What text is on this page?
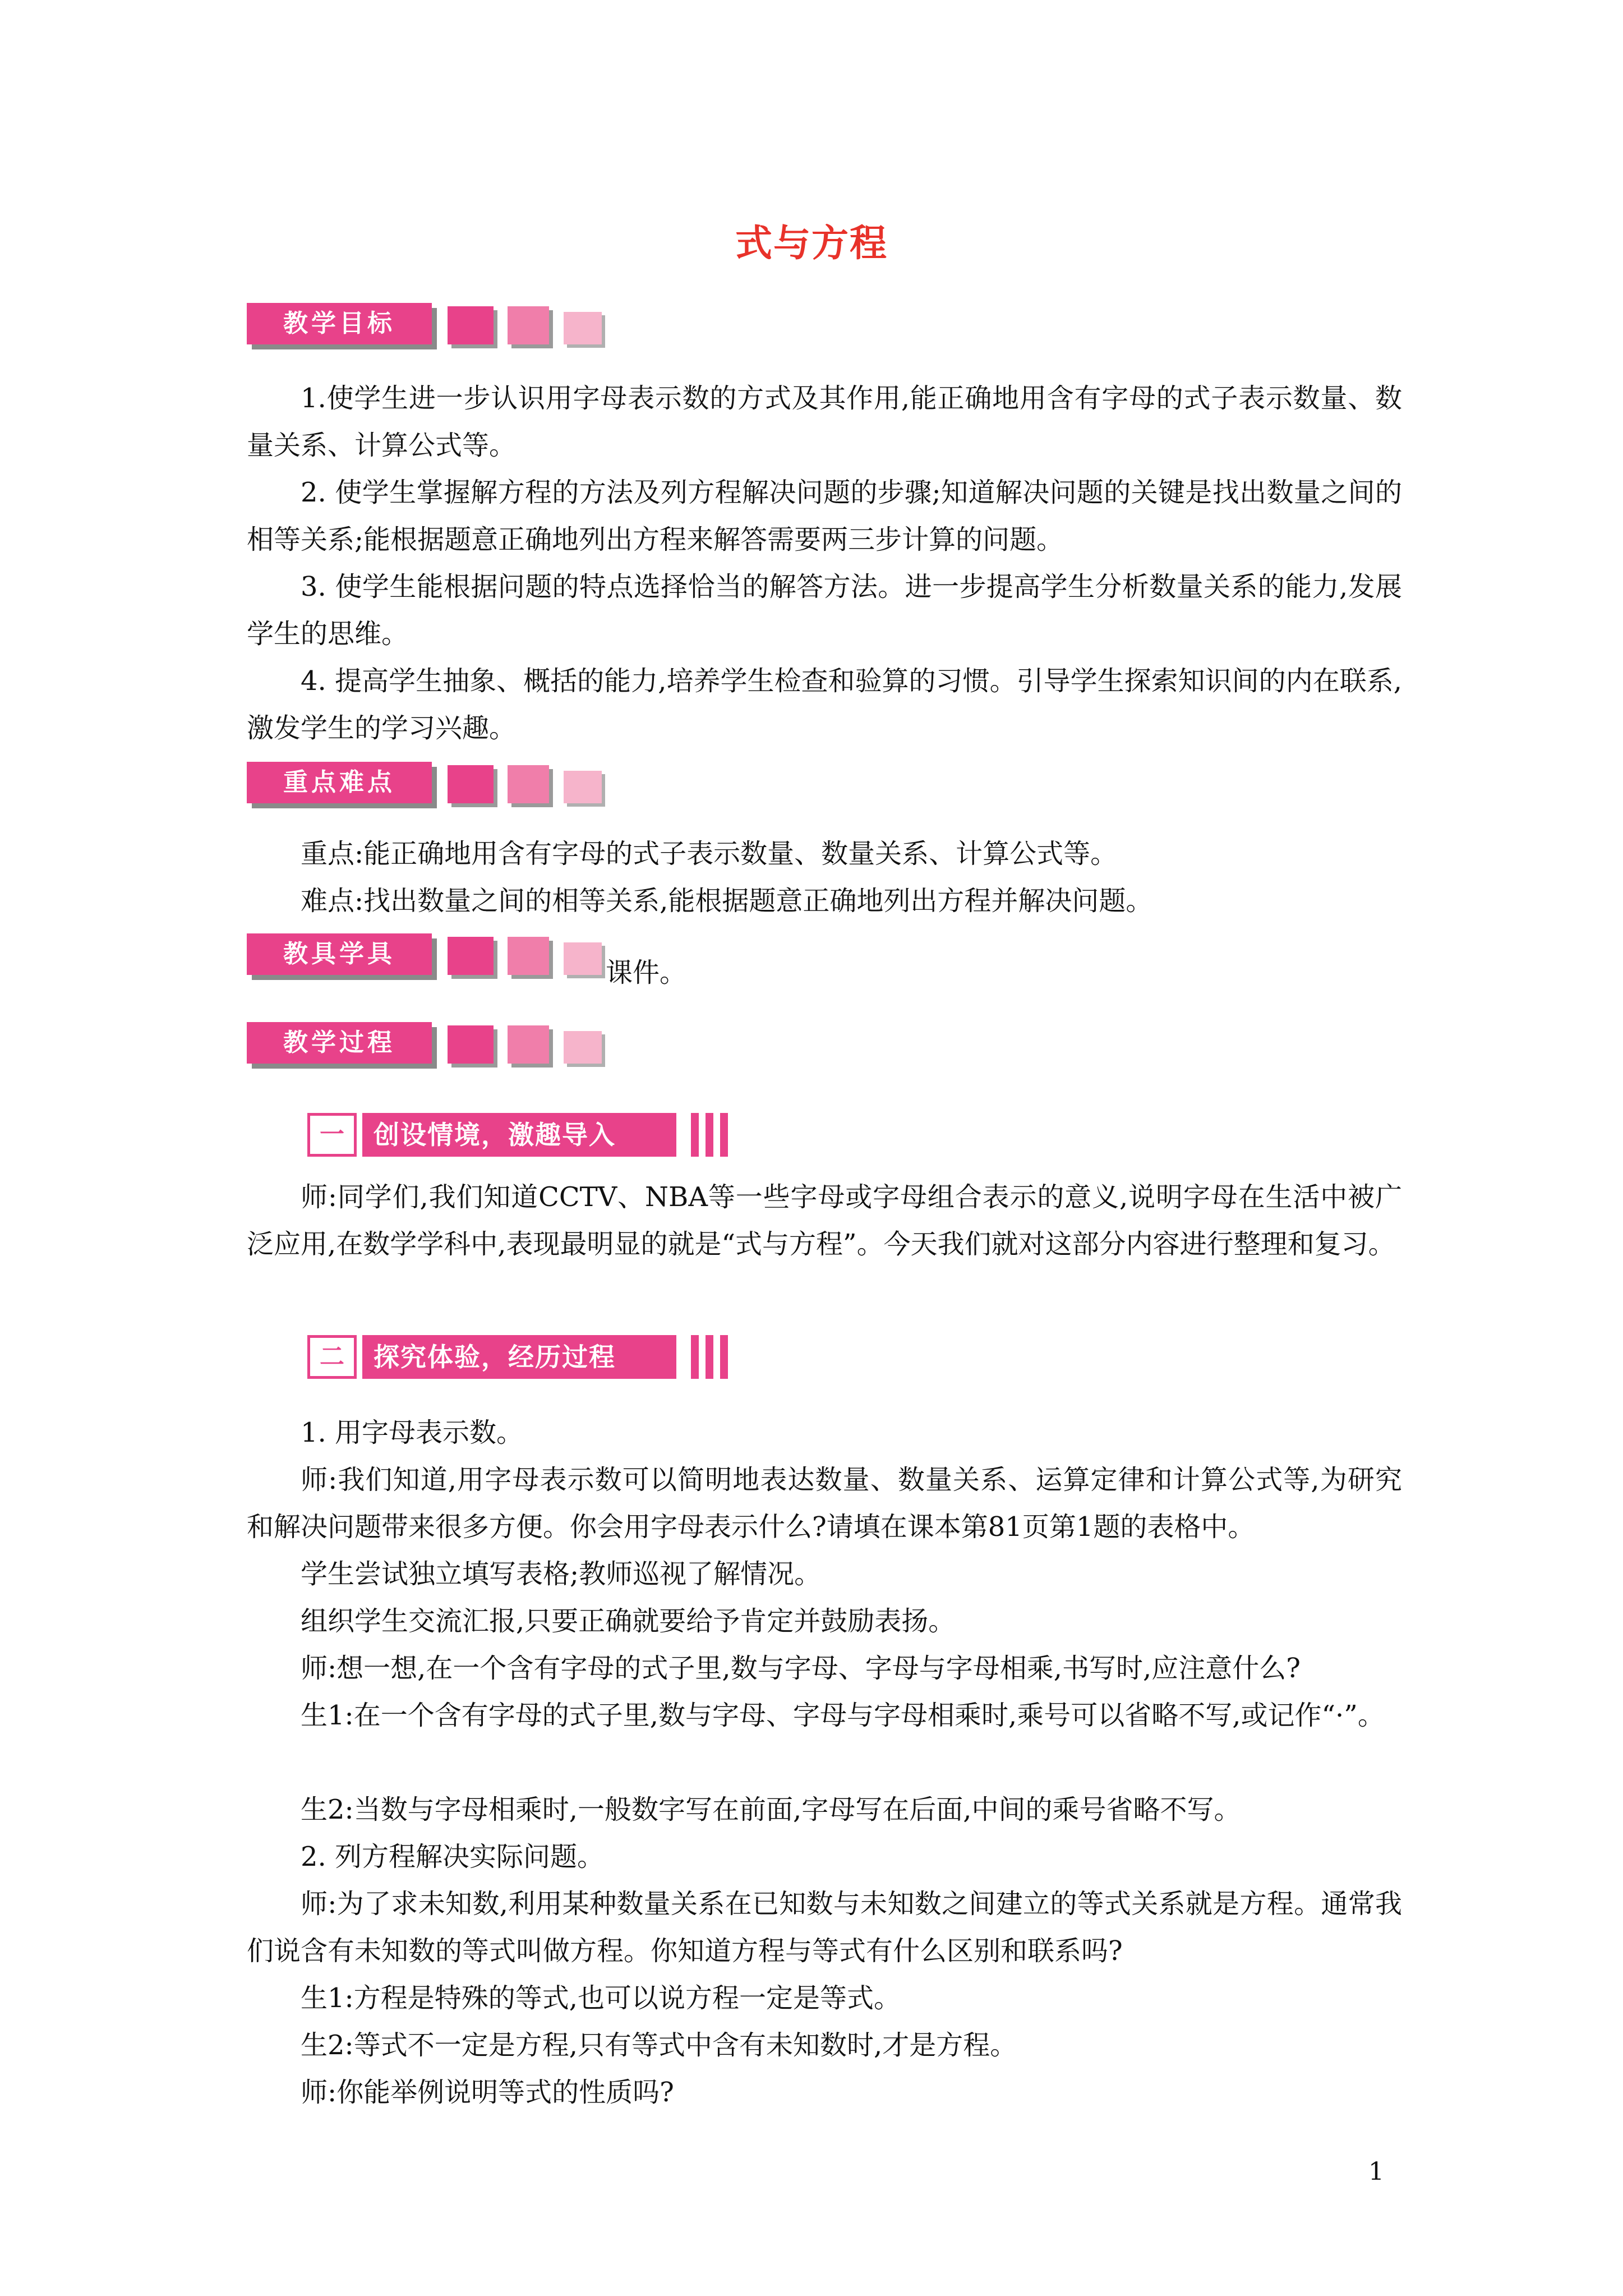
式与方程
教学目标

1.使学生进一步认识用字母表示数的方式及其作用,能正确地用含有字母的式子表示数量、数量关系、计算公式等。

2. 使学生掌握解方程的方法及列方程解决问题的步骤;知道解决问题的关键是找出数量之间的相等关系;能根据题意正确地列出方程来解答需要两三步计算的问题。

3. 使学生能根据问题的特点选择恰当的解答方法。进一步提高学生分析数量关系的能力,发展学生的思维。

4. 提高学生抽象、概括的能力,培养学生检查和验算的习惯。引导学生探索知识间的内在联系,激发学生的学习兴趣。

重点难点

重点:能正确地用含有字母的式子表示数量、数量关系、计算公式等。

难点:找出数量之间的相等关系,能根据题意正确地列出方程并解决问题。

教具学具
课件。
教学过程
一	创设情境，激趣导入

师:同学们,我们知道CCTV、NBA等一些字母或字母组合表示的意义,说明字母在生活中被广泛应用,在数学学科中,表现最明显的就是“式与方程”。今天我们就对这部分内容进行整理和复习。

二	探究体验，经历过程

1. 用字母表示数。

师:我们知道,用字母表示数可以简明地表达数量、数量关系、运算定律和计算公式等,为研究和解决问题带来很多方便。你会用字母表示什么?请填在课本第81页第1题的表格中。

学生尝试独立填写表格;教师巡视了解情况。

组织学生交流汇报,只要正确就要给予肯定并鼓励表扬。

师:想一想,在一个含有字母的式子里,数与字母、字母与字母相乘,书写时,应注意什么?

生1:在一个含有字母的式子里,数与字母、字母与字母相乘时,乘号可以省略不写,或记作“·”。

生2:当数与字母相乘时,一般数字写在前面,字母写在后面,中间的乘号省略不写。

2. 列方程解决实际问题。

师:为了求未知数,利用某种数量关系在已知数与未知数之间建立的等式关系就是方程。通常我们说含有未知数的等式叫做方程。你知道方程与等式有什么区别和联系吗?

生1:方程是特殊的等式,也可以说方程一定是等式。

生2:等式不一定是方程,只有等式中含有未知数时,才是方程。

师:你能举例说明等式的性质吗?

1
